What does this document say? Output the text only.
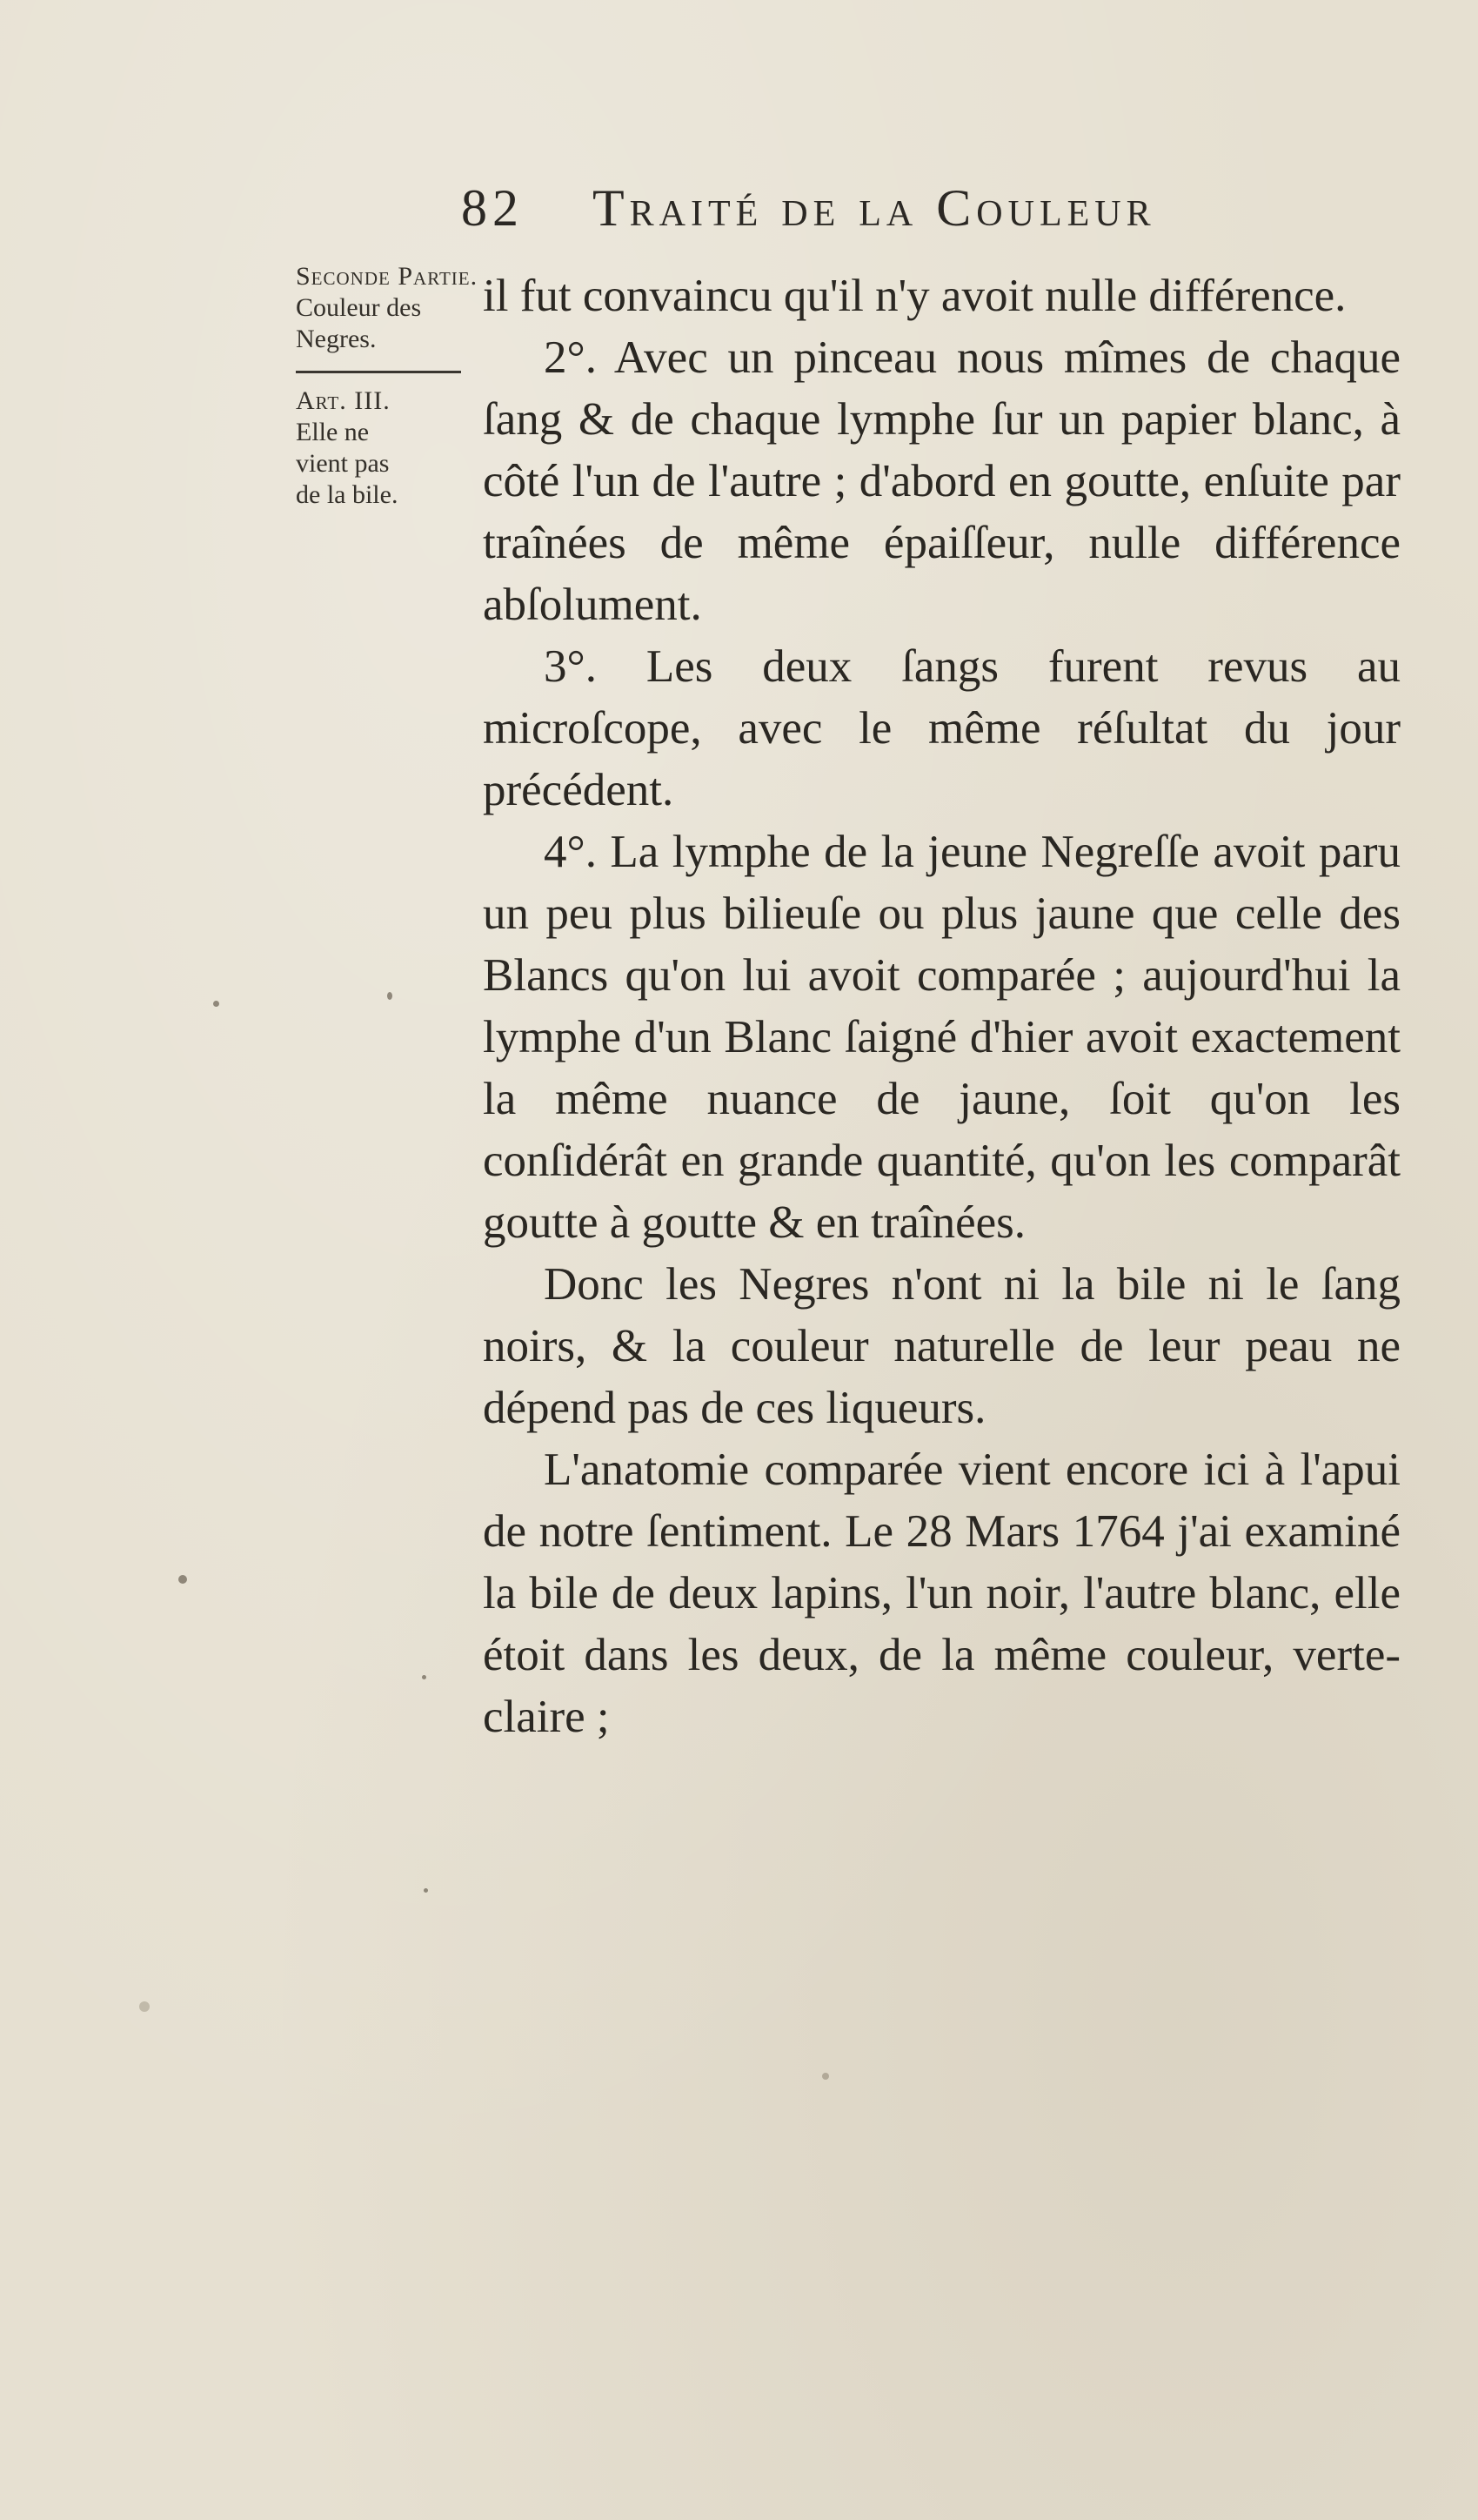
82 Traité de la Couleur
Seconde Partie.
Couleur des Negres.
Art. III.
Elle ne
vient pas
de la bile.

il fut convaincu qu'il n'y avoit nulle différence.

2°. Avec un pinceau nous mîmes de chaque ſang & de chaque lymphe ſur un papier blanc, à côté l'un de l'autre ; d'abord en goutte, enſuite par traînées de même épaiſſeur, nulle différence abſolument.

3°. Les deux ſangs furent revus au microſcope, avec le même réſultat du jour précédent.

4°. La lymphe de la jeune Negreſſe avoit paru un peu plus bilieuſe ou plus jaune que celle des Blancs qu'on lui avoit comparée ; aujourd'hui la lymphe d'un Blanc ſaigné d'hier avoit exactement la même nuance de jaune, ſoit qu'on les conſidérât en grande quantité, qu'on les comparât goutte à goutte & en traînées.

Donc les Negres n'ont ni la bile ni le ſang noirs, & la couleur naturelle de leur peau ne dépend pas de ces liqueurs.

L'anatomie comparée vient encore ici à l'apui de notre ſentiment. Le 28 Mars 1764 j'ai examiné la bile de deux lapins, l'un noir, l'autre blanc, elle étoit dans les deux, de la même couleur, verte-claire ;
